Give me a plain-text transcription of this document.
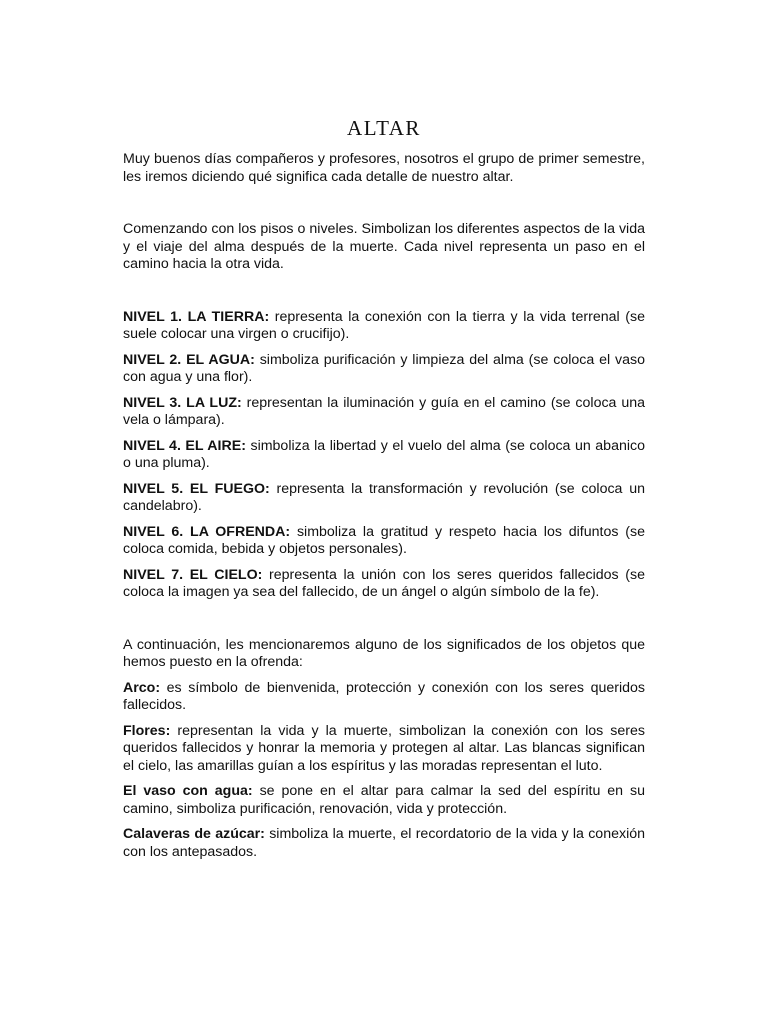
ALTAR

Muy buenos días compañeros y profesores, nosotros el grupo de primer semestre, les iremos diciendo qué significa cada detalle de nuestro altar.

Comenzando con los pisos o niveles. Simbolizan los diferentes aspectos de la vida y el viaje del alma después de la muerte. Cada nivel representa un paso en el camino hacia la otra vida.

NIVEL 1. LA TIERRA: representa la conexión con la tierra y la vida terrenal (se suele colocar una virgen o crucifijo).

NIVEL 2. EL AGUA: simboliza purificación y limpieza del alma (se coloca el vaso con agua y una flor).

NIVEL 3. LA LUZ: representan la iluminación y guía en el camino (se coloca una vela o lámpara).

NIVEL 4. EL AIRE: simboliza la libertad y el vuelo del alma (se coloca un abanico o una pluma).

NIVEL 5. EL FUEGO: representa la transformación y revolución (se coloca un candelabro).

NIVEL 6. LA OFRENDA: simboliza la gratitud y respeto hacia los difuntos (se coloca comida, bebida y objetos personales).

NIVEL 7. EL CIELO: representa la unión con los seres queridos fallecidos (se coloca la imagen ya sea del fallecido, de un ángel o algún símbolo de la fe).

A continuación, les mencionaremos alguno de los significados de los objetos que hemos puesto en la ofrenda:

Arco: es símbolo de bienvenida, protección y conexión con los seres queridos fallecidos.

Flores: representan la vida y la muerte, simbolizan la conexión con los seres queridos fallecidos y honrar la memoria y protegen al altar. Las blancas significan el cielo, las amarillas guían a los espíritus y las moradas representan el luto.

El vaso con agua: se pone en el altar para calmar la sed del espíritu en su camino, simboliza purificación, renovación, vida y protección.

Calaveras de azúcar: simboliza la muerte, el recordatorio de la vida y la conexión con los antepasados.
